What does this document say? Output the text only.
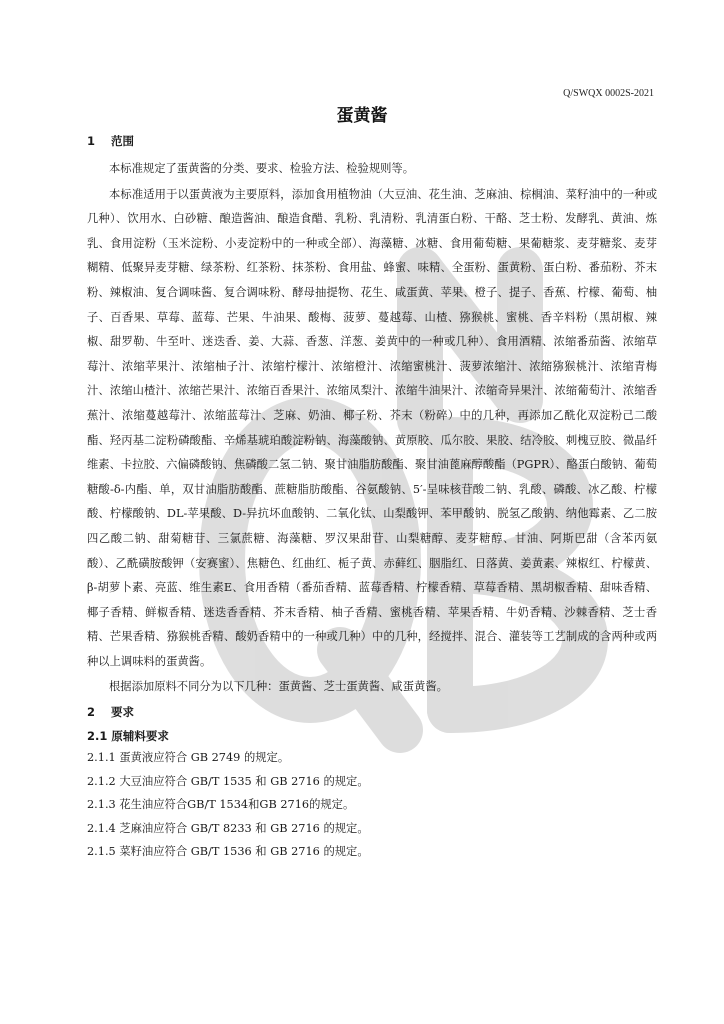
Q/SWQX 0002S-2021
蛋黄酱
1 范围
本标准规定了蛋黄酱的分类、要求、检验方法、检验规则等。
本标准适用于以蛋黄液为主要原料，添加食用植物油（大豆油、花生油、芝麻油、棕榈油、菜籽油中的一种或几种）、饮用水、白砂糖、酿造酱油、酿造食醋、乳粉、乳清粉、乳清蛋白粉、干酪、芝士粉、发酵乳、黄油、炼乳、食用淀粉（玉米淀粉、小麦淀粉中的一种或全部）、海藻糖、冰糖、食用葡萄糖、果葡糖浆、麦芽糖浆、麦芽糊精、低聚异麦芽糖、绿茶粉、红茶粉、抹茶粉、食用盐、蜂蜜、味精、全蛋粉、蛋黄粉、蛋白粉、番茄粉、芥末粉、辣椒油、复合调味酱、复合调味粉、酵母抽提物、花生、咸蛋黄、苹果、橙子、提子、香蕉、柠檬、葡萄、柚子、百香果、草莓、蓝莓、芒果、牛油果、酸梅、菠萝、蔓越莓、山楂、猕猴桃、蜜桃、香辛料粉（黑胡椒、辣椒、甜罗勒、牛至叶、迷迭香、姜、大蒜、香葱、洋葱、姜黄中的一种或几种）、食用酒精、浓缩番茄酱、浓缩草莓汁、浓缩苹果汁、浓缩柚子汁、浓缩柠檬汁、浓缩橙汁、浓缩蜜桃汁、菠萝浓缩汁、浓缩猕猴桃汁、浓缩青梅汁、浓缩山楂汁、浓缩芒果汁、浓缩百香果汁、浓缩凤梨汁、浓缩牛油果汁、浓缩奇异果汁、浓缩葡萄汁、浓缩香蕉汁、浓缩蔓越莓汁、浓缩蓝莓汁、芝麻、奶油、椰子粉、芥末（粉碎）中的几种，再添加乙酰化双淀粉己二酸酯、羟丙基二淀粉磷酸酯、辛烯基琥珀酸淀粉钠、海藻酸钠、黄原胶、瓜尔胶、果胶、结冷胶、刺槐豆胶、微晶纤维素、卡拉胶、六偏磷酸钠、焦磷酸二氢二钠、聚甘油脂肪酸酯、聚甘油蓖麻醇酸酯（PGPR）、酪蛋白酸钠、葡萄糖酸-δ-内酯、单，双甘油脂肪酸酯、蔗糖脂肪酸酯、谷氨酸钠、5′-呈味核苷酸二钠、乳酸、磷酸、冰乙酸、柠檬酸、柠檬酸钠、DL-苹果酸、D-异抗坏血酸钠、二氧化钛、山梨酸钾、苯甲酸钠、脱氢乙酸钠、纳他霉素、乙二胺四乙酸二钠、甜菊糖苷、三氯蔗糖、海藻糖、罗汉果甜苷、山梨糖醇、麦芽糖醇、甘油、阿斯巴甜（含苯丙氨酸）、乙酰磺胺酸钾（安赛蜜）、焦糖色、红曲红、栀子黄、赤藓红、胭脂红、日落黄、姜黄素、辣椒红、柠檬黄、β-胡萝卜素、亮蓝、维生素E、食用香精（番茄香精、蓝莓香精、柠檬香精、草莓香精、黑胡椒香精、甜味香精、椰子香精、鲜椒香精、迷迭香香精、芥末香精、柚子香精、蜜桃香精、苹果香精、牛奶香精、沙棘香精、芝士香精、芒果香精、猕猴桃香精、酸奶香精中的一种或几种）中的几种，经搅拌、混合、灌装等工艺制成的含两种或两种以上调味料的蛋黄酱。
根据添加原料不同分为以下几种：蛋黄酱、芝士蛋黄酱、咸蛋黄酱。
2 要求
2.1 原辅料要求
2.1.1 蛋黄液应符合 GB 2749 的规定。
2.1.2 大豆油应符合 GB/T 1535 和 GB 2716 的规定。
2.1.3 花生油应符合GB/T 1534和GB 2716的规定。
2.1.4 芝麻油应符合 GB/T 8233 和 GB 2716 的规定。
2.1.5 菜籽油应符合 GB/T 1536 和 GB 2716 的规定。
